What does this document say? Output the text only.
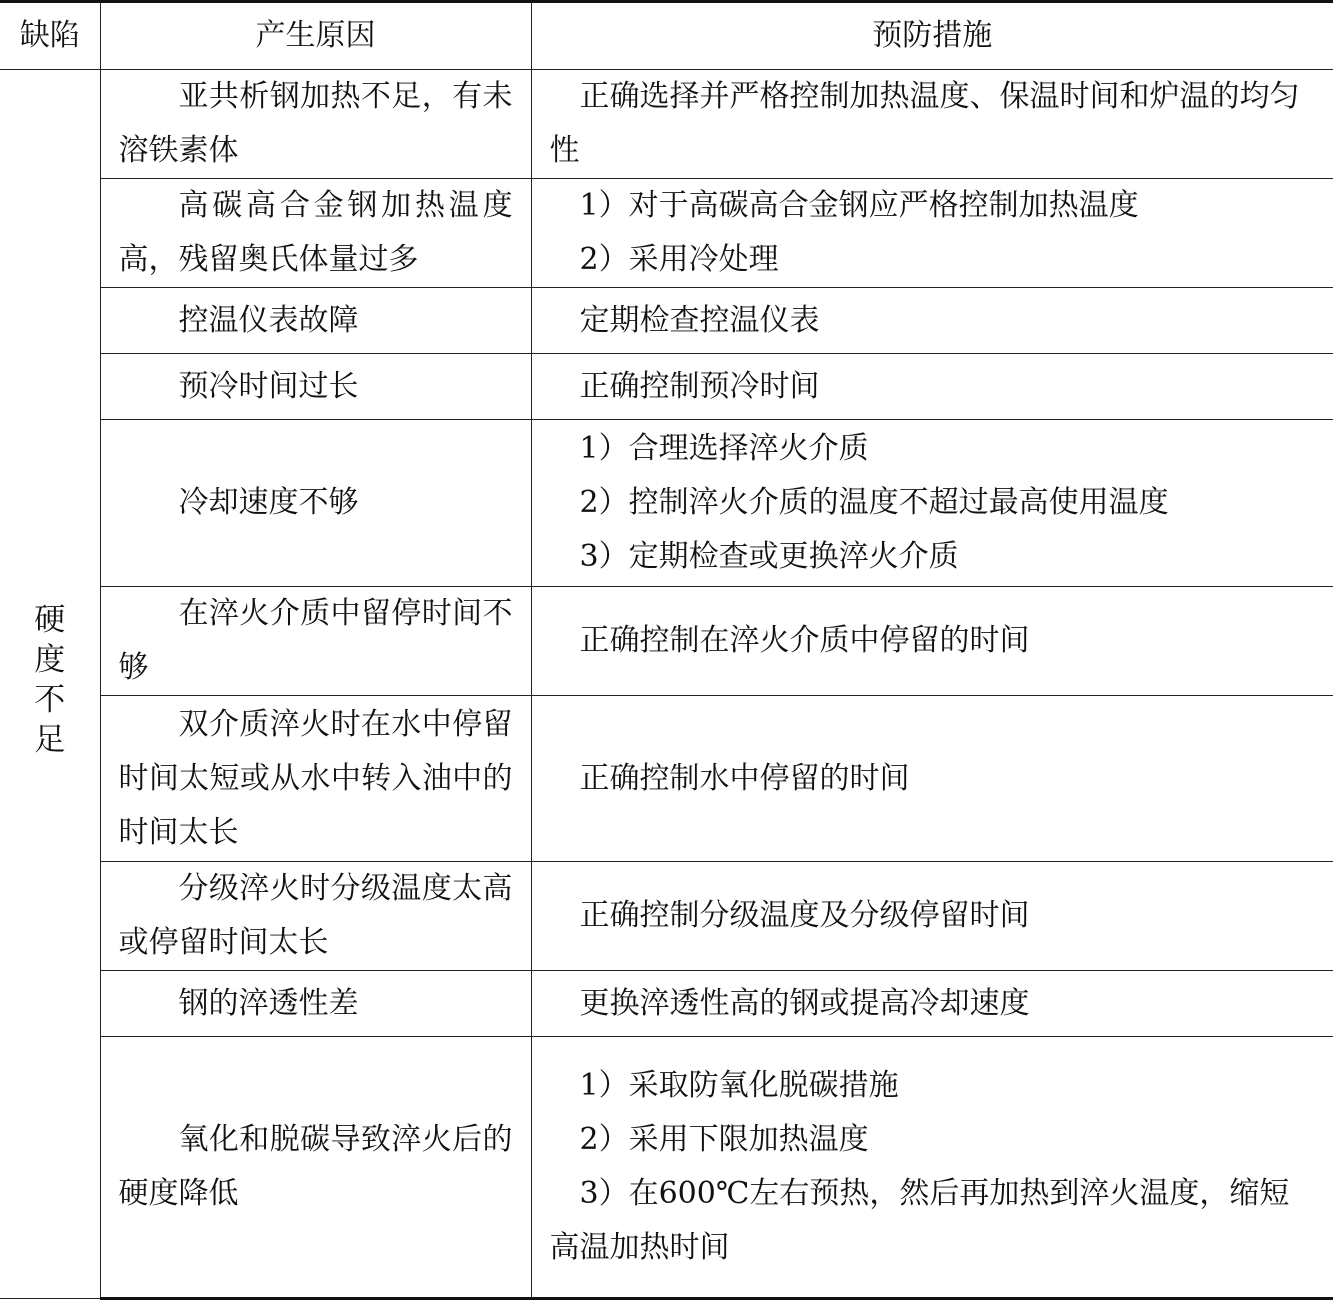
缺陷	产生原因	预防措施
硬度不足	亚共析钢加热不足，有未溶铁素体	正确选择并严格控制加热温度、保温时间和炉温的均匀性

	高碳高合金钢加热温度高，残留奥氏体量过多	1）对于高碳高合金钢应严格控制加热温度
2）采用冷处理

	控温仪表故障	定期检查控温仪表

	预冷时间过长	正确控制预冷时间

	冷却速度不够	1）合理选择淬火介质
2）控制淬火介质的温度不超过最高使用温度
3）定期检查或更换淬火介质

	在淬火介质中留停时间不够	正确控制在淬火介质中停留的时间

	双介质淬火时在水中停留时间太短或从水中转入油中的时间太长	正确控制水中停留的时间

	分级淬火时分级温度太高或停留时间太长	正确控制分级温度及分级停留时间

	钢的淬透性差	更换淬透性高的钢或提高冷却速度

	氧化和脱碳导致淬火后的硬度降低	1）采取防氧化脱碳措施
2）采用下限加热温度
3）在600℃左右预热，然后再加热到淬火温度，缩短高温加热时间
